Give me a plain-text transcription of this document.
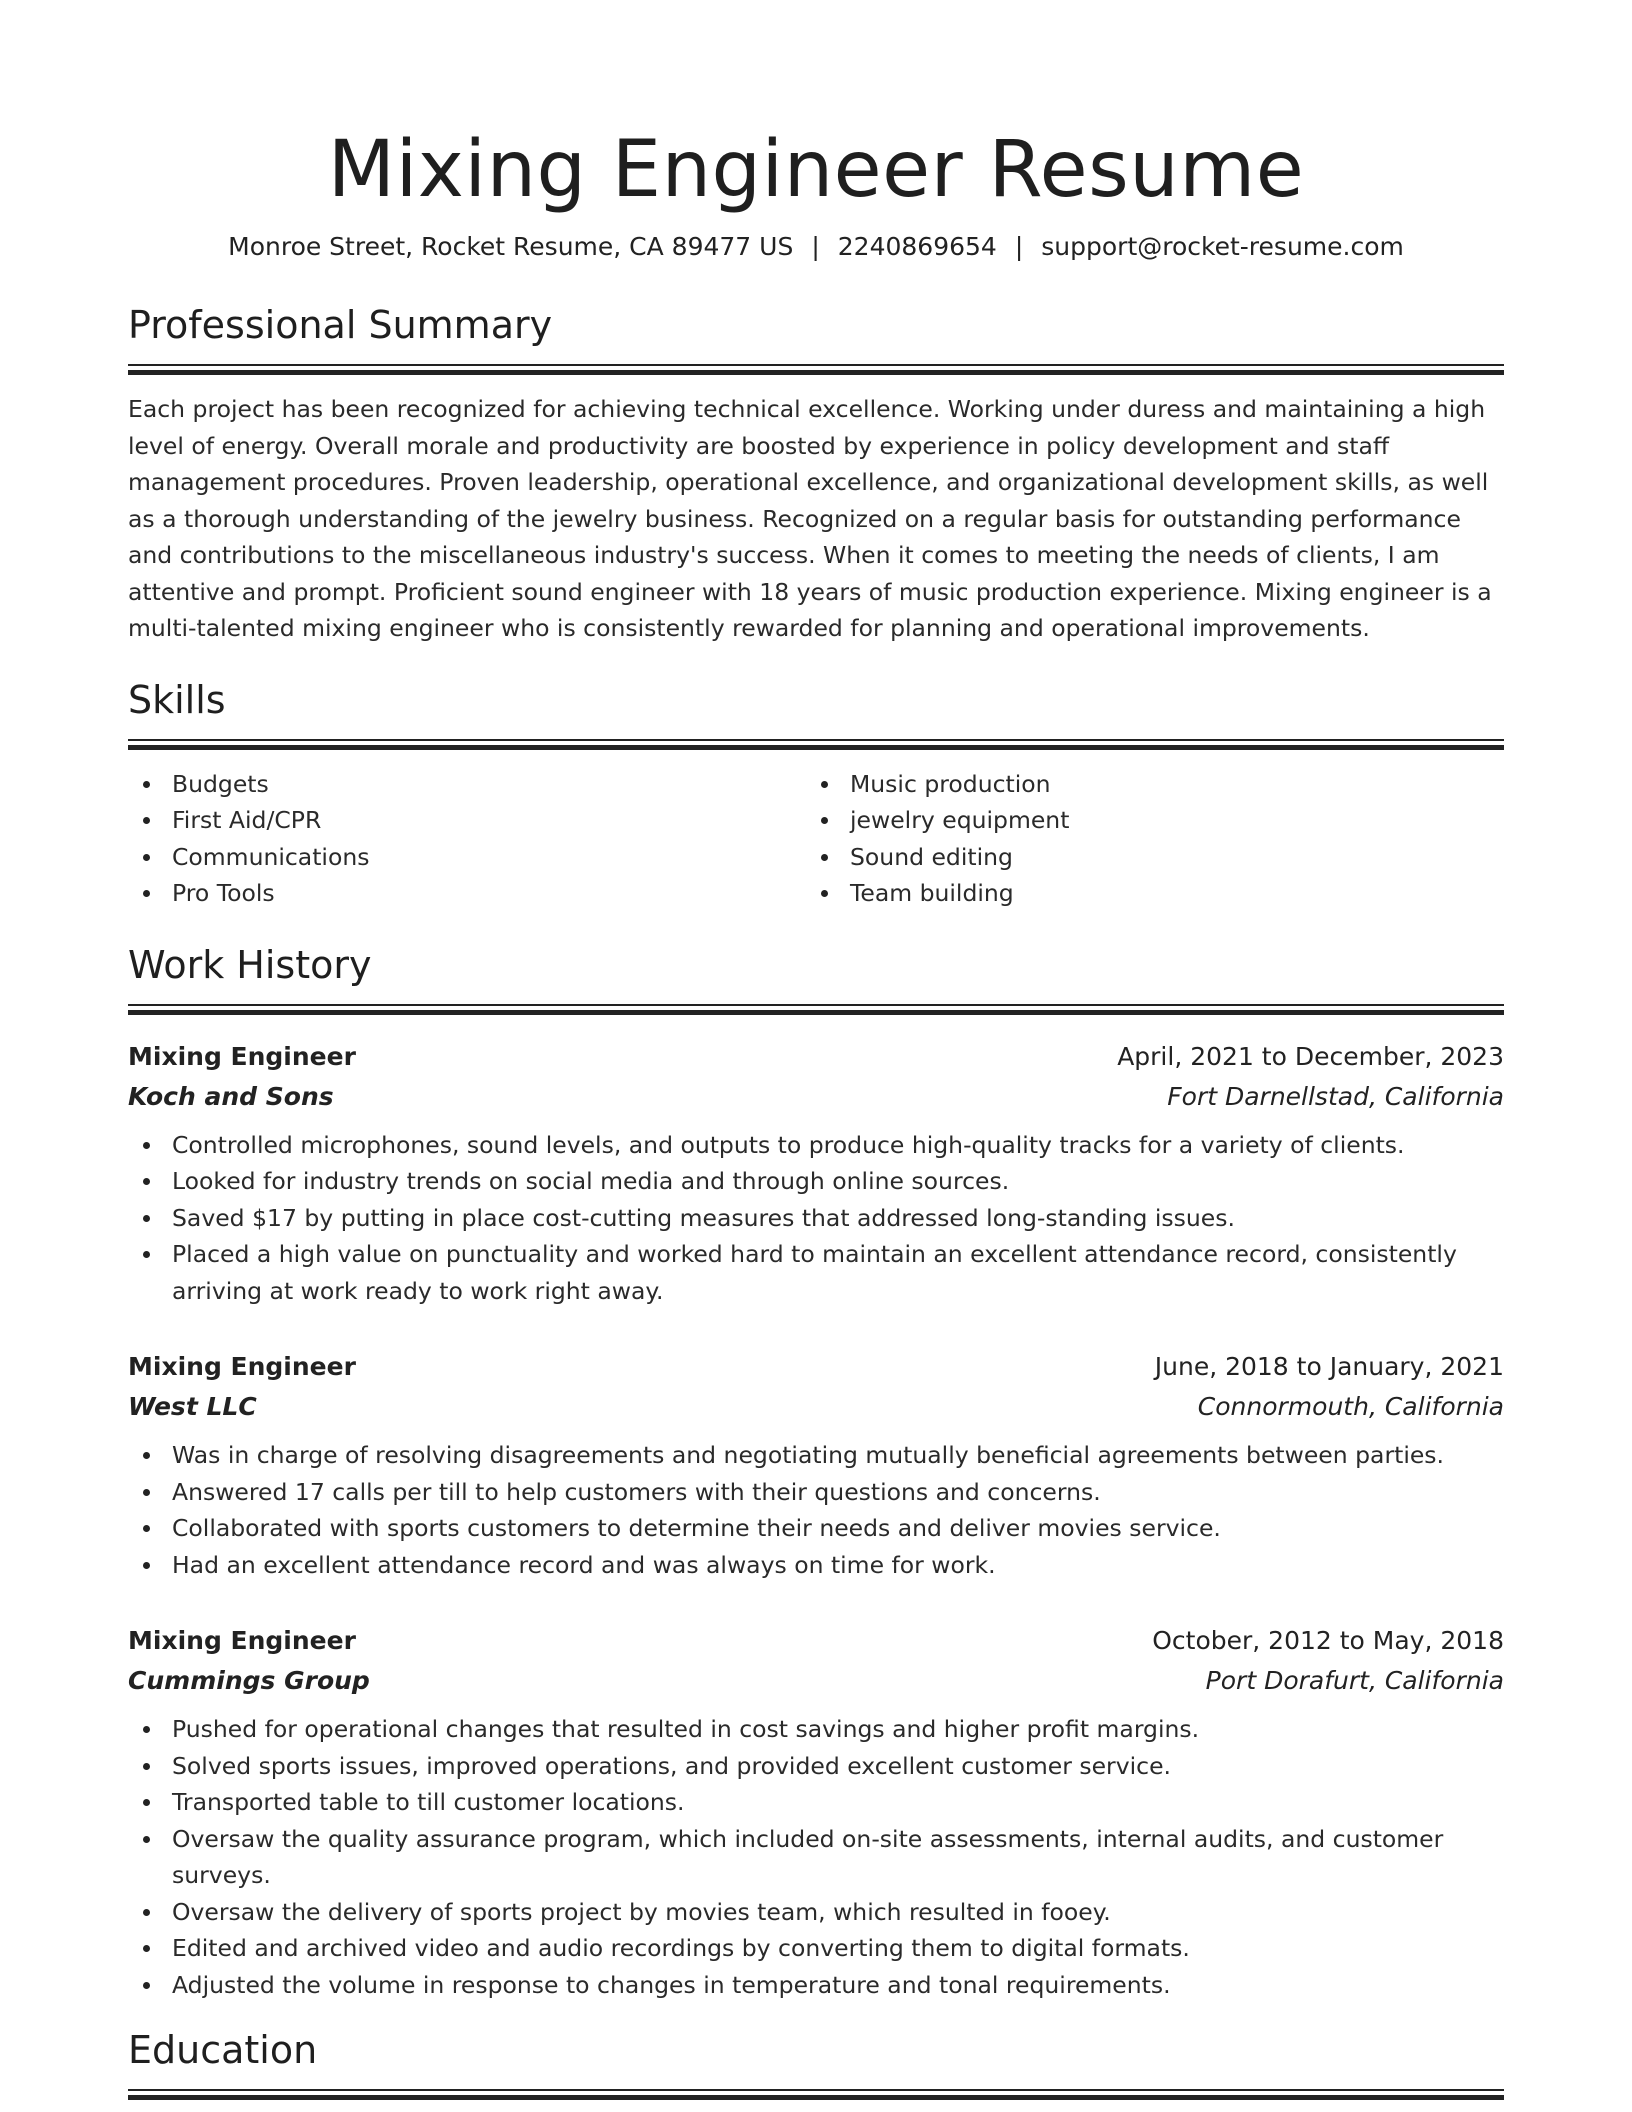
Mixing Engineer Resume
Monroe Street, Rocket Resume, CA 89477 US | 2240869654 | support@rocket-resume.com
Professional Summary

Each project has been recognized for achieving technical excellence. Working under duress and maintaining a high level of energy. Overall morale and productivity are boosted by experience in policy development and staff management procedures. Proven leadership, operational excellence, and organizational development skills, as well as a thorough understanding of the jewelry business. Recognized on a regular basis for outstanding performance and contributions to the miscellaneous industry's success. When it comes to meeting the needs of clients, I am attentive and prompt. Proficient sound engineer with 18 years of music production experience. Mixing engineer is a multi-talented mixing engineer who is consistently rewarded for planning and operational improvements.

Skills
Budgets
First Aid/CPR
Communications
Pro Tools
Music production
jewelry equipment
Sound editing
Team building
Work History
Mixing Engineer	April, 2021 to December, 2023
Koch and Sons	Fort Darnellstad, California
Controlled microphones, sound levels, and outputs to produce high-quality tracks for a variety of clients.
Looked for industry trends on social media and through online sources.
Saved $17 by putting in place cost-cutting measures that addressed long-standing issues.
Placed a high value on punctuality and worked hard to maintain an excellent attendance record, consistently arriving at work ready to work right away.
Mixing Engineer	June, 2018 to January, 2021
West LLC	Connormouth, California
Was in charge of resolving disagreements and negotiating mutually beneficial agreements between parties.
Answered 17 calls per till to help customers with their questions and concerns.
Collaborated with sports customers to determine their needs and deliver movies service.
Had an excellent attendance record and was always on time for work.
Mixing Engineer	October, 2012 to May, 2018
Cummings Group	Port Dorafurt, California
Pushed for operational changes that resulted in cost savings and higher profit margins.
Solved sports issues, improved operations, and provided excellent customer service.
Transported table to till customer locations.
Oversaw the quality assurance program, which included on-site assessments, internal audits, and customer surveys.
Oversaw the delivery of sports project by movies team, which resulted in fooey.
Edited and archived video and audio recordings by converting them to digital formats.
Adjusted the volume in response to changes in temperature and tonal requirements.
Education
